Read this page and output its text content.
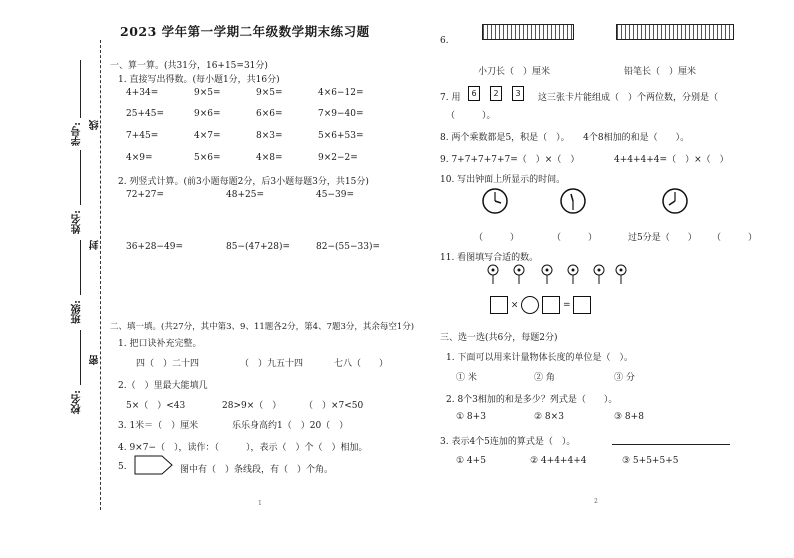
校名:
班级:
姓名:
学号:
密
封
线
2023 学年第一学期二年级数学期末练习题
一、算一算。(共31分，16+15=31分)
1. 直接写出得数。(每小题1分，共16分)
4+34=	9×5=	9×5=	4×6−12=
25+45=	9×6=	6×6=	7×9−40=
7+45=	4×7=	8×3=	5×6+53=
4×9=	5×6=	4×8=	9×2−2=
2. 列竖式计算。(前3小题每题2分，后3小题每题3分，共15分)
72+27=	48+25=	45−39=
36+28−49=	85−(47+28)=	82−(55−33)=
二、填一填。(共27分，其中第3、9、11题各2分，第4、7题3分，其余每空1分)
1. 把口诀补充完整。
四（　）二十四	（　）九五十四	七八（　　）
2.（　）里最大能填几
5×（　）<43	28>9×（　）	（　）×7<50
3. 1米＝（　）厘米	乐乐身高约1（　）20（　）
4. 9×7−（　），读作：（　　　），表示（　）个（　）相加。
5.	图中有（　）条线段，有（　）个角。
1
6.
小刀长（　）厘米	铅笔长（　）厘米
7. 用	6	2	3	这三张卡片能组成（　）个两位数，分别是（
（　　　）。
8. 两个乘数都是5，积是（　）。　　4个8相加的和是（　　）。
9. 7+7+7+7+7=（　）×（　）	4+4+4+4=（　）×（　）
10. 写出钟面上所显示的时间。
（　　　）	（　　　）	过5分是（　　） （　　　）
11. 看图填写合适的数。
×	=
三、选一选(共6分，每题2分)
1. 下面可以用来计量物体长度的单位是（　）。
① 米	② 角	③ 分
2. 8个3相加的和是多少？列式是（　　）。
① 8+3	② 8×3	③ 8+8
3. 表示4个5连加的算式是（　）。
① 4+5	② 4+4+4+4	③ 5+5+5+5
2
